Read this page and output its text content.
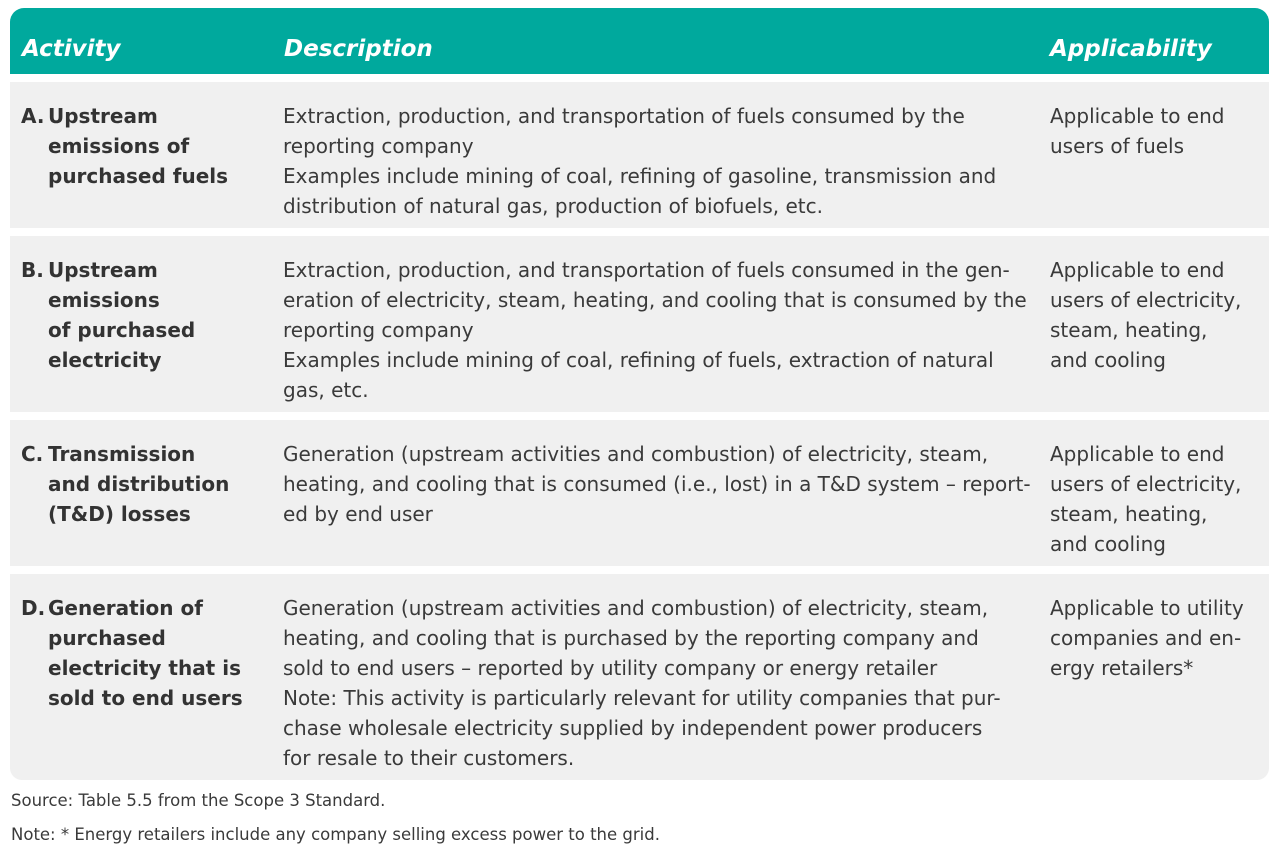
Activity	Description	Applicability
A. Upstream
emissions of
purchased fuels
Extraction, production, and transportation of fuels consumed by the
reporting company
Examples include mining of coal, refining of gasoline, transmission and
distribution of natural gas, production of biofuels, etc.
Applicable to end
users of fuels
B. Upstream
emissions
of purchased
electricity
Extraction, production, and transportation of fuels consumed in the gen-
eration of electricity, steam, heating, and cooling that is consumed by the
reporting company
Examples include mining of coal, refining of fuels, extraction of natural
gas, etc.
Applicable to end
users of electricity,
steam, heating,
and cooling
C. Transmission
and distribution
(T&D) losses
Generation (upstream activities and combustion) of electricity, steam,
heating, and cooling that is consumed (i.e., lost) in a T&D system – report-
ed by end user
Applicable to end
users of electricity,
steam, heating,
and cooling
D. Generation of
purchased
electricity that is
sold to end users
Generation (upstream activities and combustion) of electricity, steam,
heating, and cooling that is purchased by the reporting company and
sold to end users – reported by utility company or energy retailer
Note: This activity is particularly relevant for utility companies that pur-
chase wholesale electricity supplied by independent power producers
for resale to their customers.
Applicable to utility
companies and en-
ergy retailers*
Source: Table 5.5 from the Scope 3 Standard.
Note: * Energy retailers include any company selling excess power to the grid.
